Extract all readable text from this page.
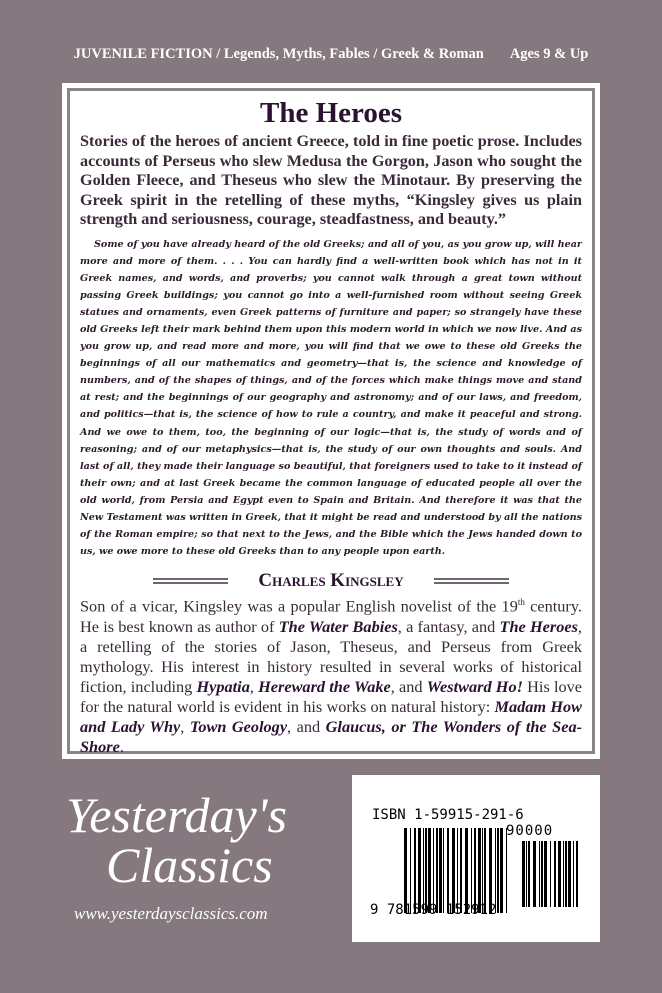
JUVENILE FICTION / Legends, Myths, Fables / Greek & Roman Ages 9 & Up
The Heroes

Stories of the heroes of ancient Greece, told in fine poetic prose. Includes accounts of Perseus who slew Medusa the Gorgon, Jason who sought the Golden Fleece, and Theseus who slew the Minotaur. By preserving the Greek spirit in the retelling of these myths, “Kingsley gives us plain strength and seriousness, courage, steadfastness, and beauty.”

Some of you have already heard of the old Greeks; and all of you, as you grow up, will hear more and more of them. . . . You can hardly find a well-written book which has not in it Greek names, and words, and proverbs; you cannot walk through a great town without passing Greek buildings; you cannot go into a well-furnished room without seeing Greek statues and ornaments, even Greek patterns of furniture and paper; so strangely have these old Greeks left their mark behind them upon this modern world in which we now live. And as you grow up, and read more and more, you will find that we owe to these old Greeks the beginnings of all our mathematics and geometry—that is, the science and knowledge of numbers, and of the shapes of things, and of the forces which make things move and stand at rest; and the beginnings of our geography and astronomy; and of our laws, and freedom, and politics—that is, the science of how to rule a country, and make it peaceful and strong. And we owe to them, too, the beginning of our logic—that is, the study of words and of reasoning; and of our metaphysics—that is, the study of our own thoughts and souls. And last of all, they made their language so beautiful, that foreigners used to take to it instead of their own; and at last Greek became the common language of educated people all over the old world, from Persia and Egypt even to Spain and Britain. And therefore it was that the New Testament was written in Greek, that it might be read and understood by all the nations of the Roman empire; so that next to the Jews, and the Bible which the Jews handed down to us, we owe more to these old Greeks than to any people upon earth.

Charles Kingsley

Son of a vicar, Kingsley was a popular English novelist of the 19th century. He is best known as author of The Water Babies, a fantasy, and The Heroes, a retelling of the stories of Jason, Theseus, and Perseus from Greek mythology. His interest in history resulted in several works of historical fiction, including Hypatia, Hereward the Wake, and Westward Ho! His love for the natural world is evident in his works on natural history: Madam How and Lady Why, Town Geology, and Glaucus, or The Wonders of the Sea-Shore.

Yesterday's
Classics
www.yesterdaysclassics.com
ISBN 1-59915-291-6
90000
9 781599 152912
